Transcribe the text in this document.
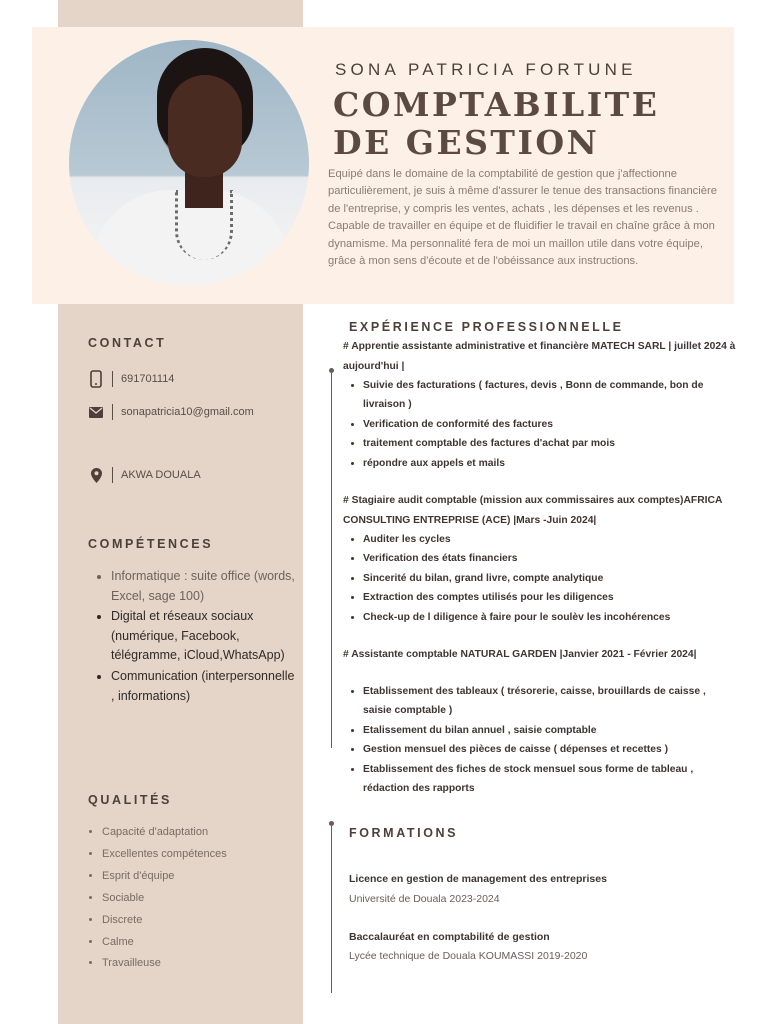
SONA PATRICIA FORTUNE
COMPTABILITE DE GESTION
Equipé dans le domaine de la comptabilité de gestion que j'affectionne particulièrement, je suis à même d'assurer le tenue des transactions financière de l'entreprise, y compris les ventes, achats , les dépenses et les revenus . Capable de travailler en équipe et de fluidifier le travail en chaîne grâce à mon dynamisme. Ma personnalité fera de moi un maillon utile dans votre équipe, grâce à mon sens d'écoute et de l'obéissance aux instructions.
CONTACT
691701114
sonapatricia10@gmail.com
AKWA DOUALA
COMPÉTENCES
• Informatique : suite office (words, Excel, sage 100)
• Digital et réseaux sociaux (numérique, Facebook, télégramme, iCloud,WhatsApp)
• Communication (interpersonnelle , informations)
QUALITÉS
• Capacité d'adaptation
• Excellentes compétences
• Esprit d'équipe
• Sociable
• Discrete
• Calme
• Travailleuse
EXPÉRIENCE PROFESSIONNELLE
# Apprentie assistante administrative et financière MATECH SARL | juillet 2024 à aujourd'hui |
• Suivie des facturations ( factures, devis , Bonn de commande, bon de livraison )
• Verification de conformité des factures
• traitement comptable des factures d'achat par mois
• répondre aux appels et mails
# Stagiaire audit comptable (mission aux commissaires aux comptes)AFRICA CONSULTING ENTREPRISE (ACE) |Mars -Juin 2024|
• Auditer les cycles
• Verification des états financiers
• Sincerité du bilan, grand livre, compte analytique
• Extraction des comptes utilisés pour les diligences
• Check-up de l diligence à faire pour le soulèv les incohérences
# Assistante comptable NATURAL GARDEN |Janvier 2021 - Février 2024|
• Etablissement des tableaux ( trésorerie, caisse, brouillards de caisse , saisie comptable )
• Etalissement du bilan annuel , saisie comptable
• Gestion mensuel des pièces de caisse ( dépenses et recettes )
• Etablissement des fiches de stock mensuel sous forme de tableau , rédaction des rapports
FORMATIONS
Licence en gestion de management des entreprises
Université de Douala 2023-2024
Baccalauréat en comptabilité de gestion
Lycée technique de Douala KOUMASSI 2019-2020
